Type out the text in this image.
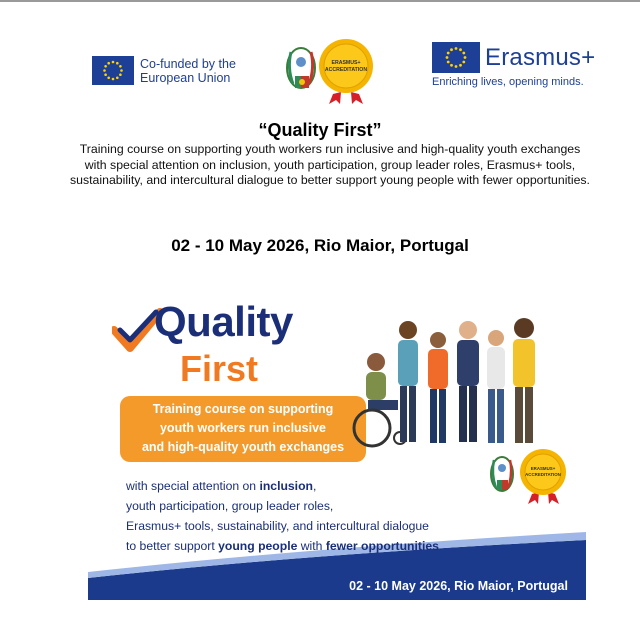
Co-funded by the
European Union
ERASMUS+
ACCREDITATION	Erasmus+
Enriching lives, opening minds.
“Quality First”
Training course on supporting youth workers run inclusive and high-quality youth exchanges with special attention on inclusion, youth participation, group leader roles, Erasmus+ tools, sustainability, and intercultural dialogue to better support young people with fewer opportunities.
02 - 10 May 2026, Rio Maior, Portugal
Quality
First
Training course on supporting
youth workers run inclusive
and high-quality youth exchanges
with special attention on inclusion,
youth participation, group leader roles,
Erasmus+ tools, sustainability, and intercultural dialogue
to better support young people with fewer opportunities.
ERASMUS+
ACCREDITATION
02 - 10 May 2026, Rio Maior, Portugal
